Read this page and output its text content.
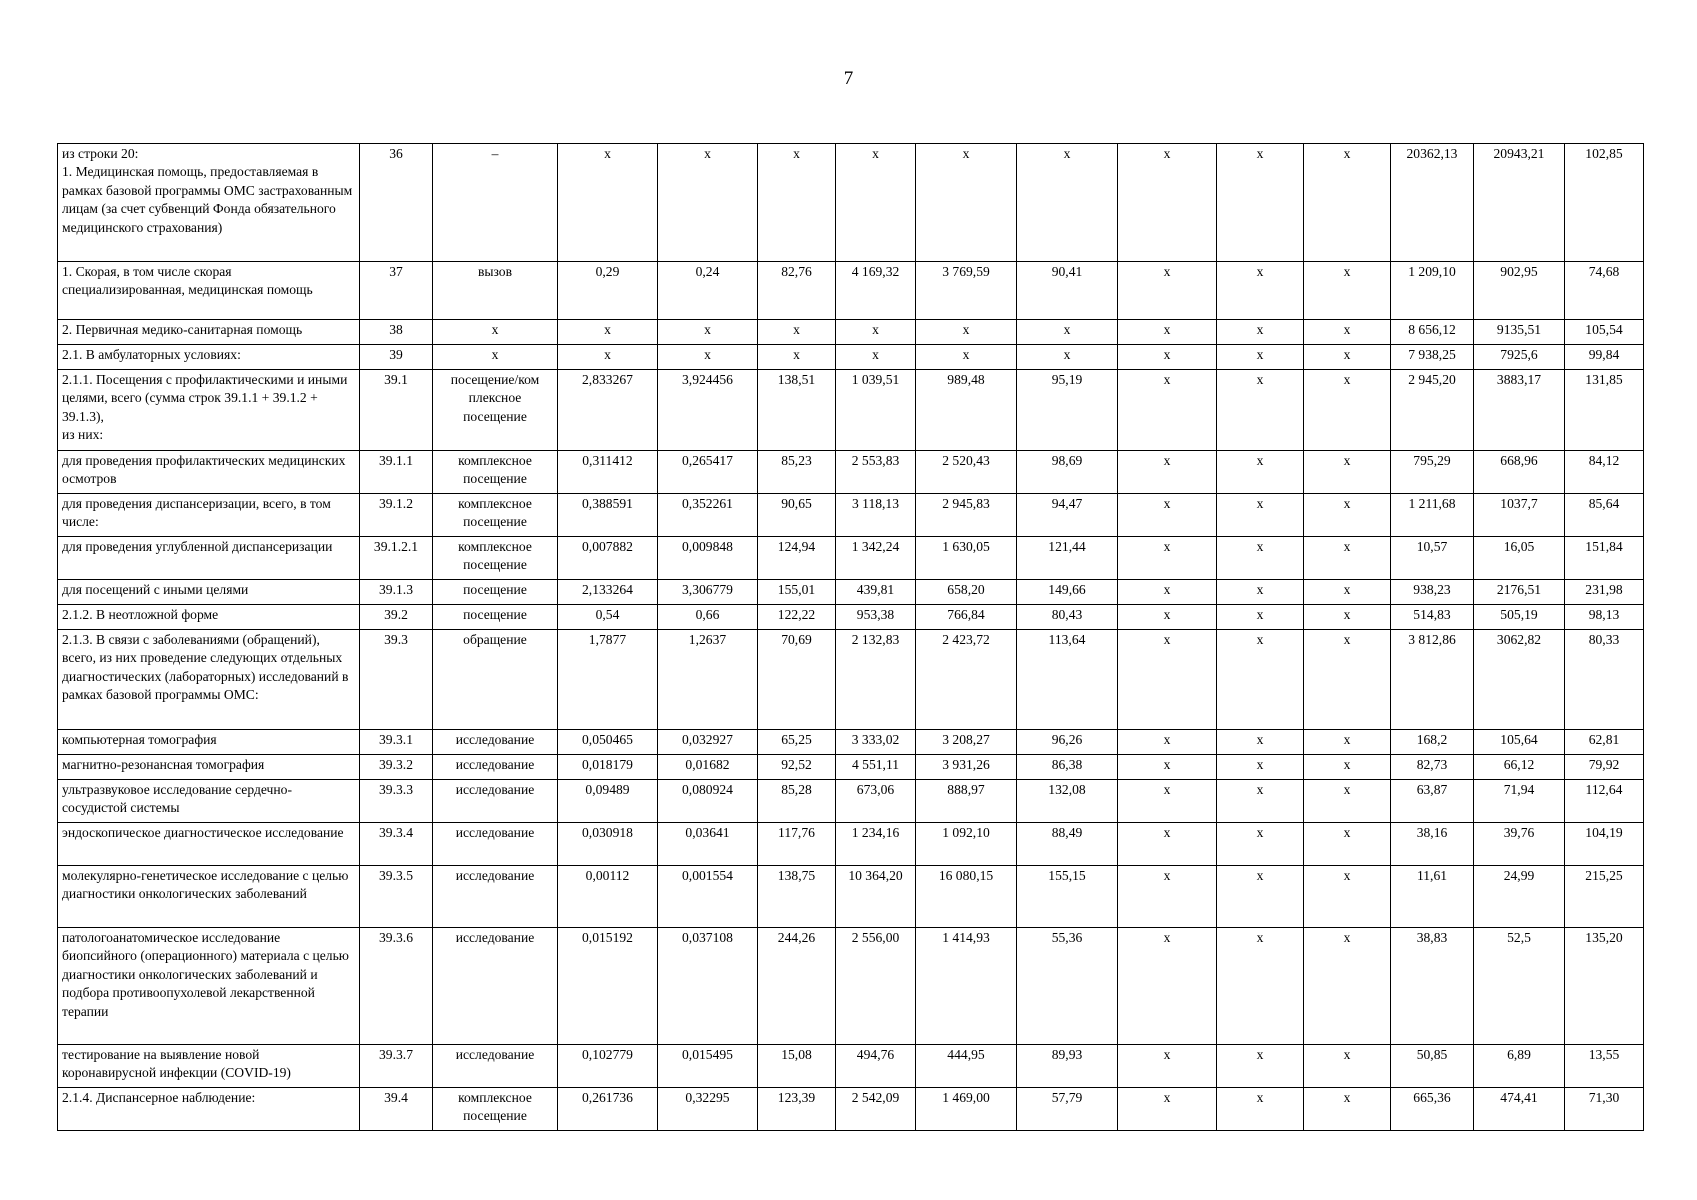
7
из строки 20:
1. Медицинская помощь, предоставляемая в рамках базовой программы ОМС застрахованным лицам (за счет субвенций Фонда обязательного медицинского страхования)	36	–	х	х	х	х	х	х	х	х	х	20362,13	20943,21	102,85
1. Скорая, в том числе скорая специализированная, медицинская помощь	37	вызов	0,29	0,24	82,76	4 169,32	3 769,59	90,41	х	х	х	1 209,10	902,95	74,68
2. Первичная медико-санитарная помощь	38	х	х	х	х	х	х	х	х	х	х	8 656,12	9135,51	105,54
2.1. В амбулаторных условиях:	39	х	х	х	х	х	х	х	х	х	х	7 938,25	7925,6	99,84
2.1.1. Посещения с профилактическими и иными целями, всего (сумма строк 39.1.1 + 39.1.2 + 39.1.3),
из них:	39.1	посещение/ком плексное посещение	2,833267	3,924456	138,51	1 039,51	989,48	95,19	х	х	х	2 945,20	3883,17	131,85
для проведения профилактических медицинских осмотров	39.1.1	комплексное посещение	0,311412	0,265417	85,23	2 553,83	2 520,43	98,69	х	х	х	795,29	668,96	84,12
для проведения диспансеризации, всего, в том числе:	39.1.2	комплексное посещение	0,388591	0,352261	90,65	3 118,13	2 945,83	94,47	х	х	х	1 211,68	1037,7	85,64
для проведения углубленной диспансеризации	39.1.2.1	комплексное посещение	0,007882	0,009848	124,94	1 342,24	1 630,05	121,44	х	х	х	10,57	16,05	151,84
для посещений с иными целями	39.1.3	посещение	2,133264	3,306779	155,01	439,81	658,20	149,66	х	х	х	938,23	2176,51	231,98
2.1.2. В неотложной форме	39.2	посещение	0,54	0,66	122,22	953,38	766,84	80,43	х	х	х	514,83	505,19	98,13
2.1.3. В связи с заболеваниями (обращений), всего, из них проведение следующих отдельных диагностических (лабораторных) исследований в рамках базовой программы ОМС:	39.3	обращение	1,7877	1,2637	70,69	2 132,83	2 423,72	113,64	х	х	х	3 812,86	3062,82	80,33
компьютерная томография	39.3.1	исследование	0,050465	0,032927	65,25	3 333,02	3 208,27	96,26	х	х	х	168,2	105,64	62,81
магнитно-резонансная томография	39.3.2	исследование	0,018179	0,01682	92,52	4 551,11	3 931,26	86,38	х	х	х	82,73	66,12	79,92
ультразвуковое исследование сердечно-сосудистой системы	39.3.3	исследование	0,09489	0,080924	85,28	673,06	888,97	132,08	х	х	х	63,87	71,94	112,64
эндоскопическое диагностическое исследование	39.3.4	исследование	0,030918	0,03641	117,76	1 234,16	1 092,10	88,49	х	х	х	38,16	39,76	104,19
молекулярно-генетическое исследование с целью диагностики онкологических заболеваний	39.3.5	исследование	0,00112	0,001554	138,75	10 364,20	16 080,15	155,15	х	х	х	11,61	24,99	215,25
патологоанатомическое исследование биопсийного (операционного) материала с целью диагностики онкологических заболеваний и подбора противоопухолевой лекарственной терапии	39.3.6	исследование	0,015192	0,037108	244,26	2 556,00	1 414,93	55,36	х	х	х	38,83	52,5	135,20
тестирование на выявление новой коронавирусной инфекции (COVID-19)	39.3.7	исследование	0,102779	0,015495	15,08	494,76	444,95	89,93	х	х	х	50,85	6,89	13,55
2.1.4. Диспансерное наблюдение:	39.4	комплексное посещение	0,261736	0,32295	123,39	2 542,09	1 469,00	57,79	х	х	х	665,36	474,41	71,30
